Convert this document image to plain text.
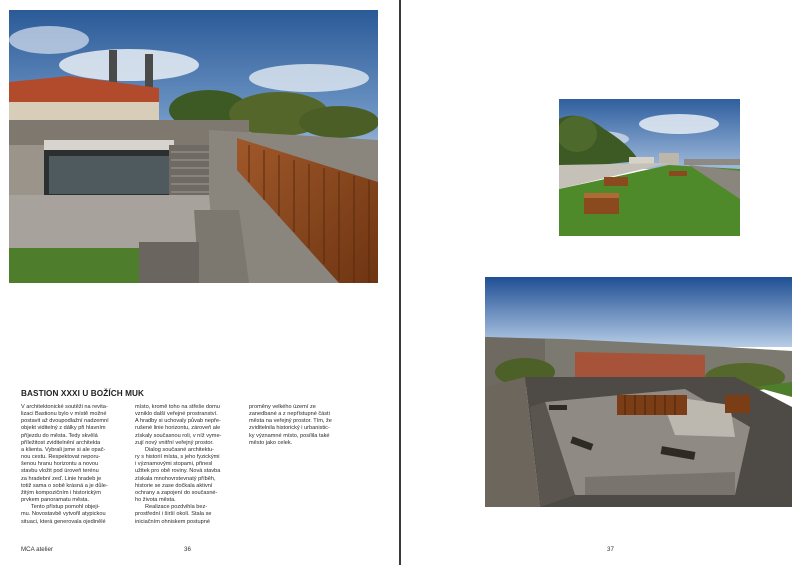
BASTION XXXI U BOŽÍCH MUK

V architektonické soutěži na revita-

lizaci Bastionu bylo v místě možné

postavit až dvoupodlažní nadzemní

objekt viditelný z dálky při hlavním

příjezdu do města. Tedy skvělá

příležitost zviditelnění architekta

a klienta. Vybrali jsme si ale opač-

nou cestu. Respektovat neporu-

šenou hranu horizontu a novou

stavbu vložit pod úroveň terénu

za hradební zeď. Linie hradeb je

totiž sama o sobě krásná a je důle-

žitým kompozičním i historickým

prvkem panoramatu města.

Tento přístup pomohl objeji-

mu. Novostavbě vytvořil atypickou

situaci, která generovala ojedinělé

místo, kromě toho na střeše domu

vzniklo další veřejné prostranství.

A hradby si uchovaly půvab nepře-

rušené linie horizontu, zároveň ale

získaly současnou roli, v níž vyme-

zují nový vnitřní veřejný prostor.

Dialog současné architektu-

ry s historií místa, s jeho fyzickými

i významovými stopami, přinesl

užitek pro obě roviny. Nová stavba

získala mnohovrstevnatý příběh,

historie se zase dočkala aktivní

ochrany a zapojení do současné-

ho života města.

Realizace pozdvihla bez-

prostřední i širší okolí. Stala se

iniciačním ohniskem postupné

proměny velkého území ze

zanedbané a z nepřístupné části

města na veřejný prostor. Tím, že

zviditelnila historický i urbanistic-

ky významné místo, posílila také

město jako celek.

MCA atelier	36	37
